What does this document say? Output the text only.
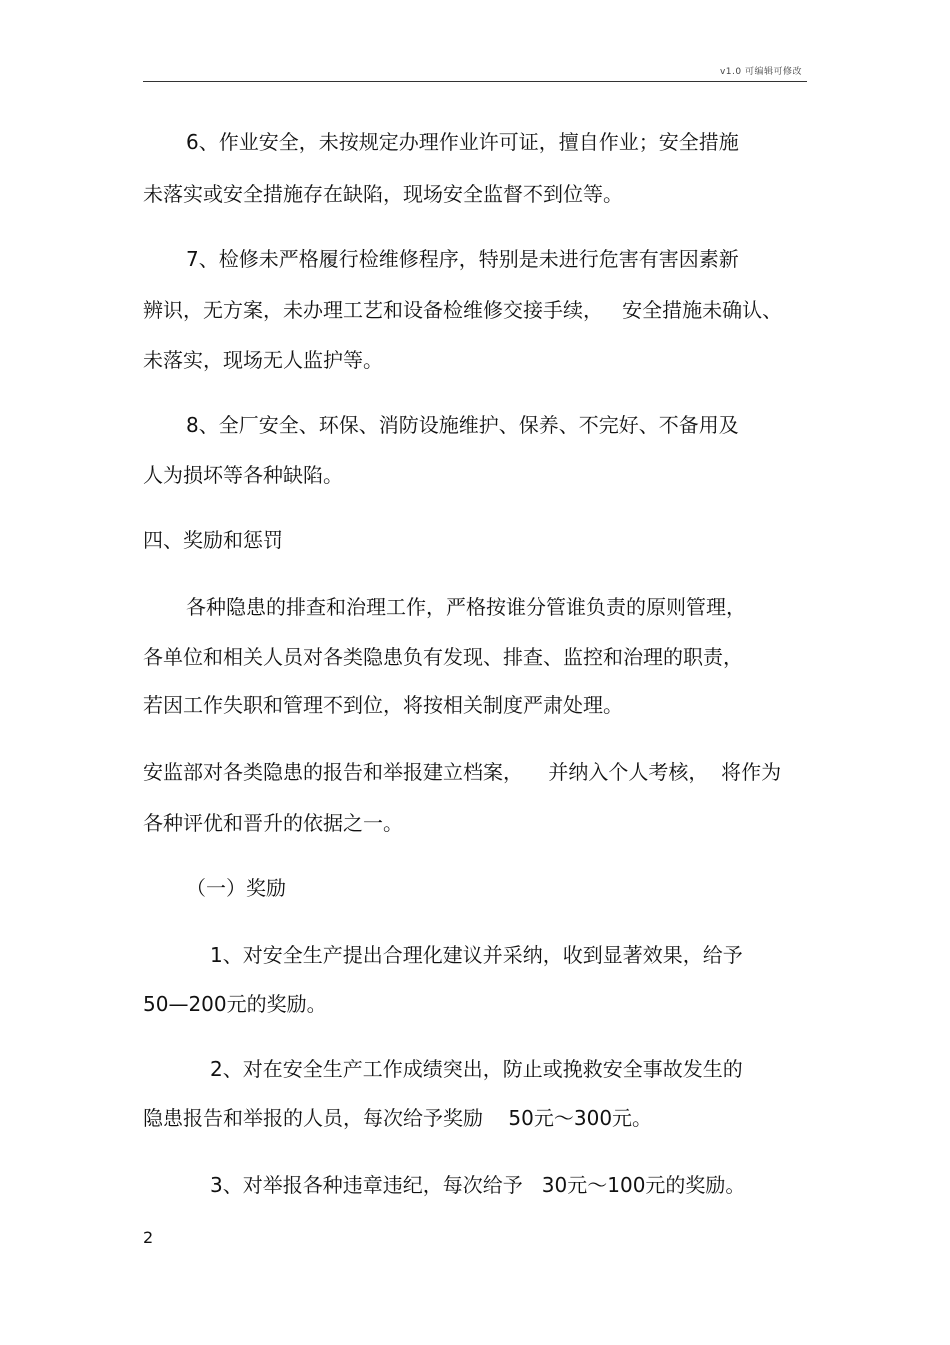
v1.0 可编辑可修改
6、作业安全，未按规定办理作业许可证，擅自作业；安全措施
未落实或安全措施存在缺陷，现场安全监督不到位等。
7、检修未严格履行检维修程序，特别是未进行危害有害因素新
辨识，无方案，未办理工艺和设备检维修交接手续，   安全措施未确认、
未落实，现场无人监护等。
8、全厂安全、环保、消防设施维护、保养、不完好、不备用及
人为损坏等各种缺陷。
四、奖励和惩罚
各种隐患的排查和治理工作，严格按谁分管谁负责的原则管理，
各单位和相关人员对各类隐患负有发现、排查、监控和治理的职责，
若因工作失职和管理不到位，将按相关制度严肃处理。
安监部对各类隐患的报告和举报建立档案，    并纳入个人考核，  将作为
各种评优和晋升的依据之一。
（一）奖励
1、对安全生产提出合理化建议并采纳，收到显著效果，给予
50—200元的奖励。
2、对在安全生产工作成绩突出，防止或挽救安全事故发生的
隐患报告和举报的人员，每次给予奖励    50元～300元。
3、对举报各种违章违纪，每次给予   30元～100元的奖励。
2
